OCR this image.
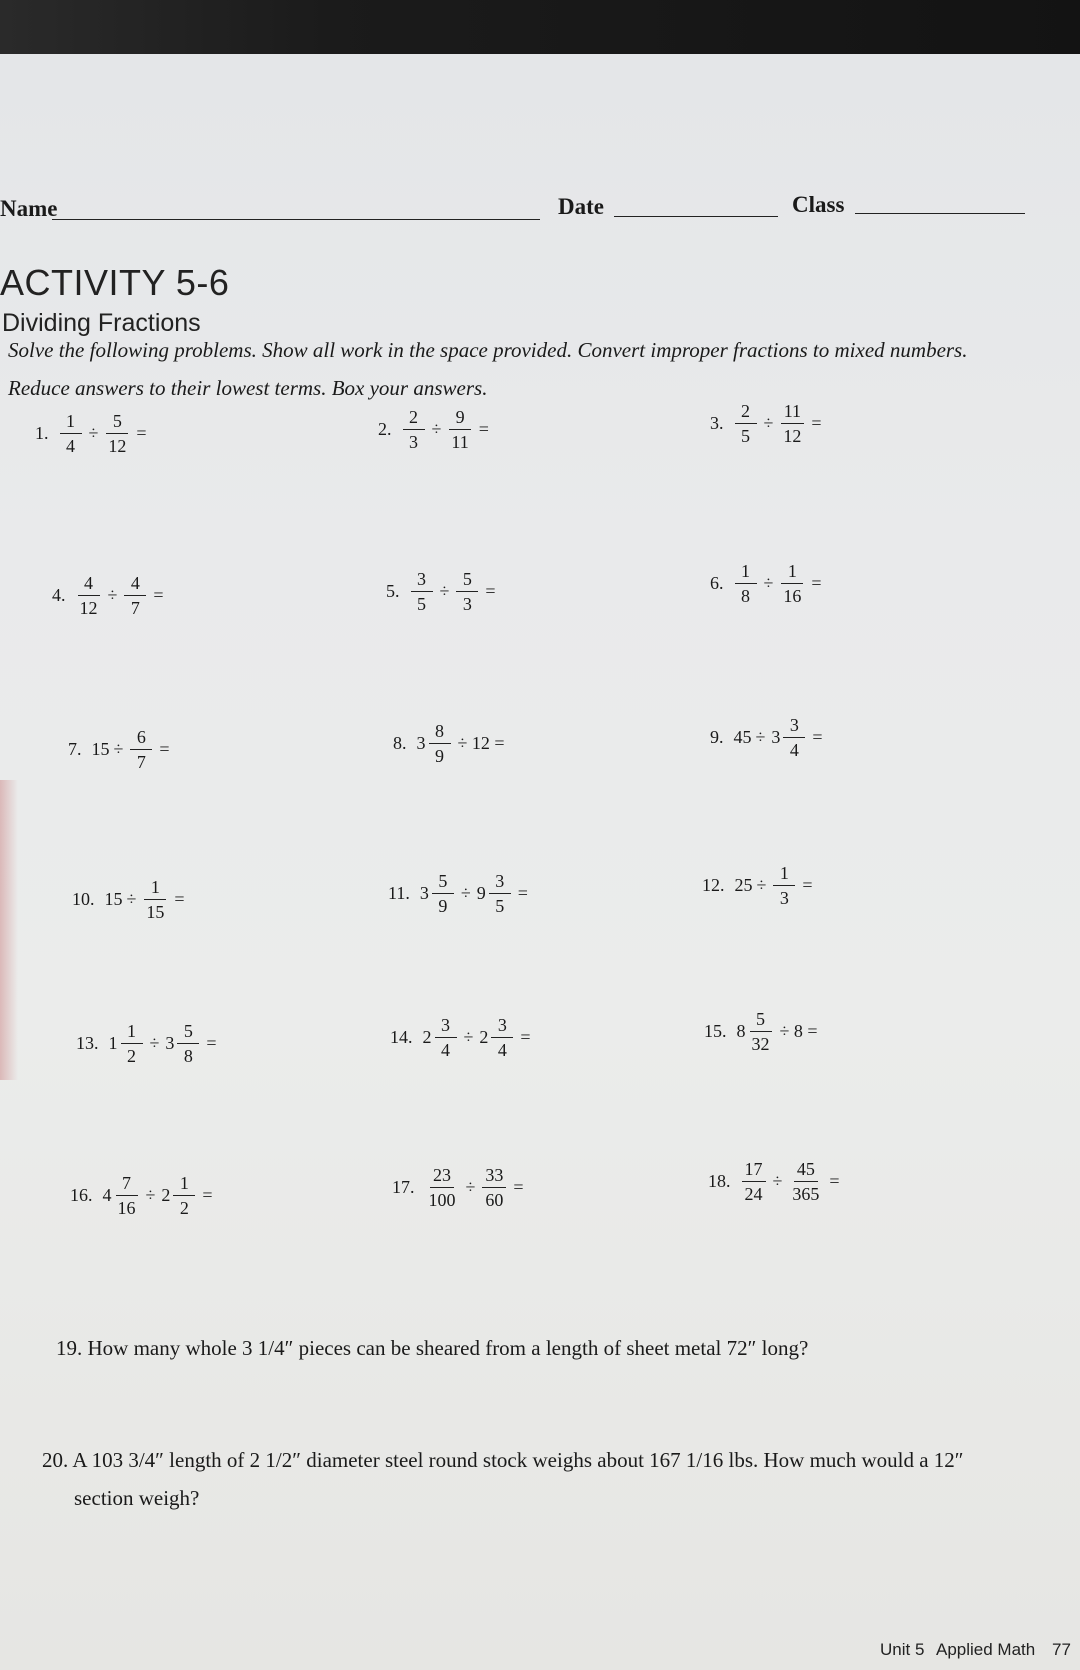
Name	Date	Class
ACTIVITY 5-6
Dividing Fractions
Solve the following problems. Show all work in the space provided. Convert improper fractions to mixed numbers.
Reduce answers to their lowest terms. Box your answers.
1. $\frac{1}{4} \div \frac{5}{12}$ =	2. $\frac{2}{3} \div \frac{9}{11}$ =	3. $\frac{2}{5} \div \frac{11}{12}$ =
4. $\frac{4}{12} \div \frac{4}{7}$ =	5. $\frac{3}{5} \div \frac{5}{3}$ =	6. $\frac{1}{8} \div \frac{1}{16}$ =
7. $15 \div \frac{6}{7}$ =	8. $3 \frac{8}{9} \div 12$ =	9. $45 \div 3 \frac{3}{4}$ =
10. $15 \div \frac{1}{15}$ =	11. $3 \frac{5}{9} \div 9 \frac{3}{5}$ =	12. $25 \div \frac{1}{3}$ =
13. $1 \frac{1}{2} \div 3 \frac{5}{8}$ =	14. $2 \frac{3}{4} \div 2 \frac{3}{4}$ =	15. $8 \frac{5}{32} \div 8$ =
16. $4 \frac{7}{16} \div 2 \frac{1}{2}$ =	17. $\frac{23}{100} \div \frac{33}{60}$ =	18. $\frac{17}{24} \div \frac{45}{365}$ =
19. How many whole 3 1/4″ pieces can be sheared from a length of sheet metal 72″ long?
20. A 103 3/4″ length of 2 1/2″ diameter steel round stock weighs about 167 1/16 lbs. How much would a 12″
section weigh?
Unit 5 Applied Math 77
